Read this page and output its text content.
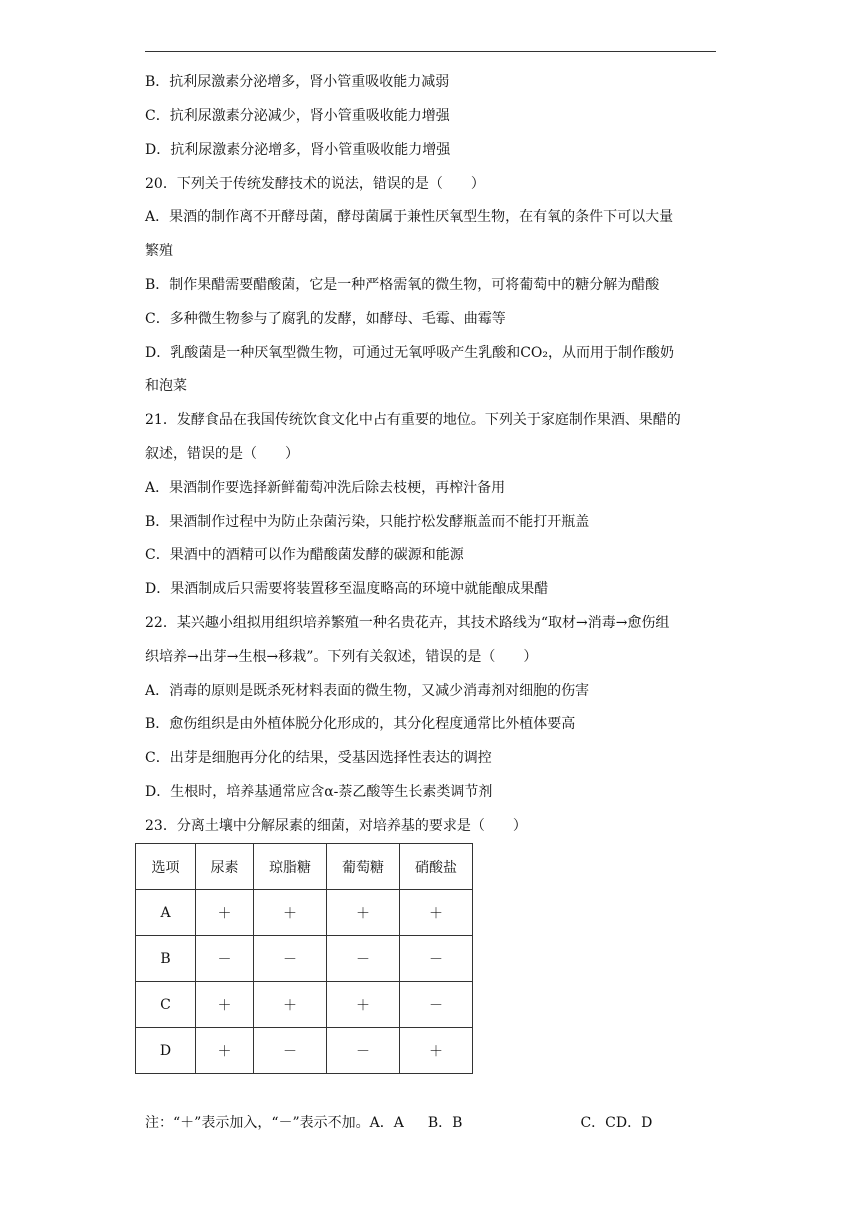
B．抗利尿激素分泌增多，肾小管重吸收能力减弱
C．抗利尿激素分泌减少，肾小管重吸收能力增强
D．抗利尿激素分泌增多，肾小管重吸收能力增强
20．下列关于传统发酵技术的说法，错误的是（　　）
A．果酒的制作离不开酵母菌，酵母菌属于兼性厌氧型生物，在有氧的条件下可以大量
繁殖
B．制作果醋需要醋酸菌，它是一种严格需氧的微生物，可将葡萄中的糖分解为醋酸
C．多种微生物参与了腐乳的发酵，如酵母、毛霉、曲霉等
D．乳酸菌是一种厌氧型微生物，可通过无氧呼吸产生乳酸和CO₂，从而用于制作酸奶
和泡菜
21．发酵食品在我国传统饮食文化中占有重要的地位。下列关于家庭制作果酒、果醋的
叙述，错误的是（　　）
A．果酒制作要选择新鲜葡萄冲洗后除去枝梗，再榨汁备用
B．果酒制作过程中为防止杂菌污染，只能拧松发酵瓶盖而不能打开瓶盖
C．果酒中的酒精可以作为醋酸菌发酵的碳源和能源
D．果酒制成后只需要将装置移至温度略高的环境中就能酿成果醋
22．某兴趣小组拟用组织培养繁殖一种名贵花卉，其技术路线为“取材→消毒→愈伤组
织培养→出芽→生根→移栽”。下列有关叙述，错误的是（　　）
A．消毒的原则是既杀死材料表面的微生物，又减少消毒剂对细胞的伤害
B．愈伤组织是由外植体脱分化形成的，其分化程度通常比外植体要高
C．出芽是细胞再分化的结果，受基因选择性表达的调控
D．生根时，培养基通常应含α-萘乙酸等生长素类调节剂
23．分离土壤中分解尿素的细菌，对培养基的要求是（　　）
选项	尿素	琼脂糖	葡萄糖	硝酸盐
A	＋	＋	＋	＋
B	－	－	－	－
C	＋	＋	＋	－
D	＋	－	－	＋
注：“＋”表示加入，“－”表示不加。A．A B．B	C．CD．D
